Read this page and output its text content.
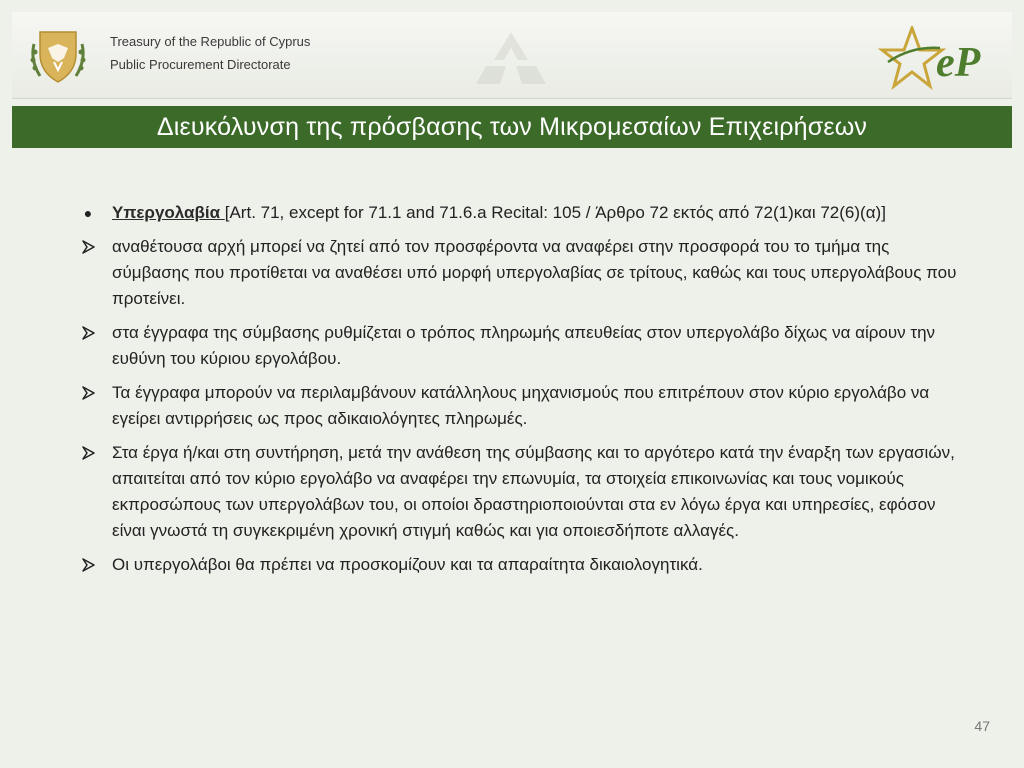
Treasury of the Republic of Cyprus
Public Procurement Directorate	eP
Διευκόλυνση της πρόσβασης των Μικρομεσαίων Επιχειρήσεων
●	Υπεργολαβία [Art. 71, except for 71.1 and 71.6.a Recital: 105 / Άρθρο 72 εκτός από 72(1)και 72(6)(α)]
αναθέτουσα αρχή μπορεί να ζητεί από τον προσφέροντα να αναφέρει στην προσφορά του το τμήμα της σύμβασης που προτίθεται να αναθέσει υπό μορφή υπεργολαβίας σε τρίτους, καθώς και τους υπεργολάβους που προτείνει.
στα έγγραφα της σύμβασης ρυθμίζεται ο τρόπος πληρωμής απευθείας στον υπεργολάβο δίχως να αίρουν την ευθύνη του κύριου εργολάβου.
Τα έγγραφα μπορούν να περιλαμβάνουν κατάλληλους μηχανισμούς που επιτρέπουν στον κύριο εργολάβο να εγείρει αντιρρήσεις ως προς αδικαιολόγητες πληρωμές.
Στα έργα ή/και στη συντήρηση, μετά την ανάθεση της σύμβασης και το αργότερο κατά την έναρξη των εργασιών, απαιτείται από τον κύριο εργολάβο να αναφέρει την επωνυμία, τα στοιχεία επικοινωνίας και τους νομικούς εκπροσώπους των υπεργολάβων του, οι οποίοι δραστηριοποιούνται στα εν λόγω έργα και υπηρεσίες, εφόσον είναι γνωστά τη συγκεκριμένη χρονική στιγμή καθώς και για οποιεσδήποτε αλλαγές.
Οι υπεργολάβοι θα πρέπει να προσκομίζουν και τα απαραίτητα δικαιολογητικά.
47
